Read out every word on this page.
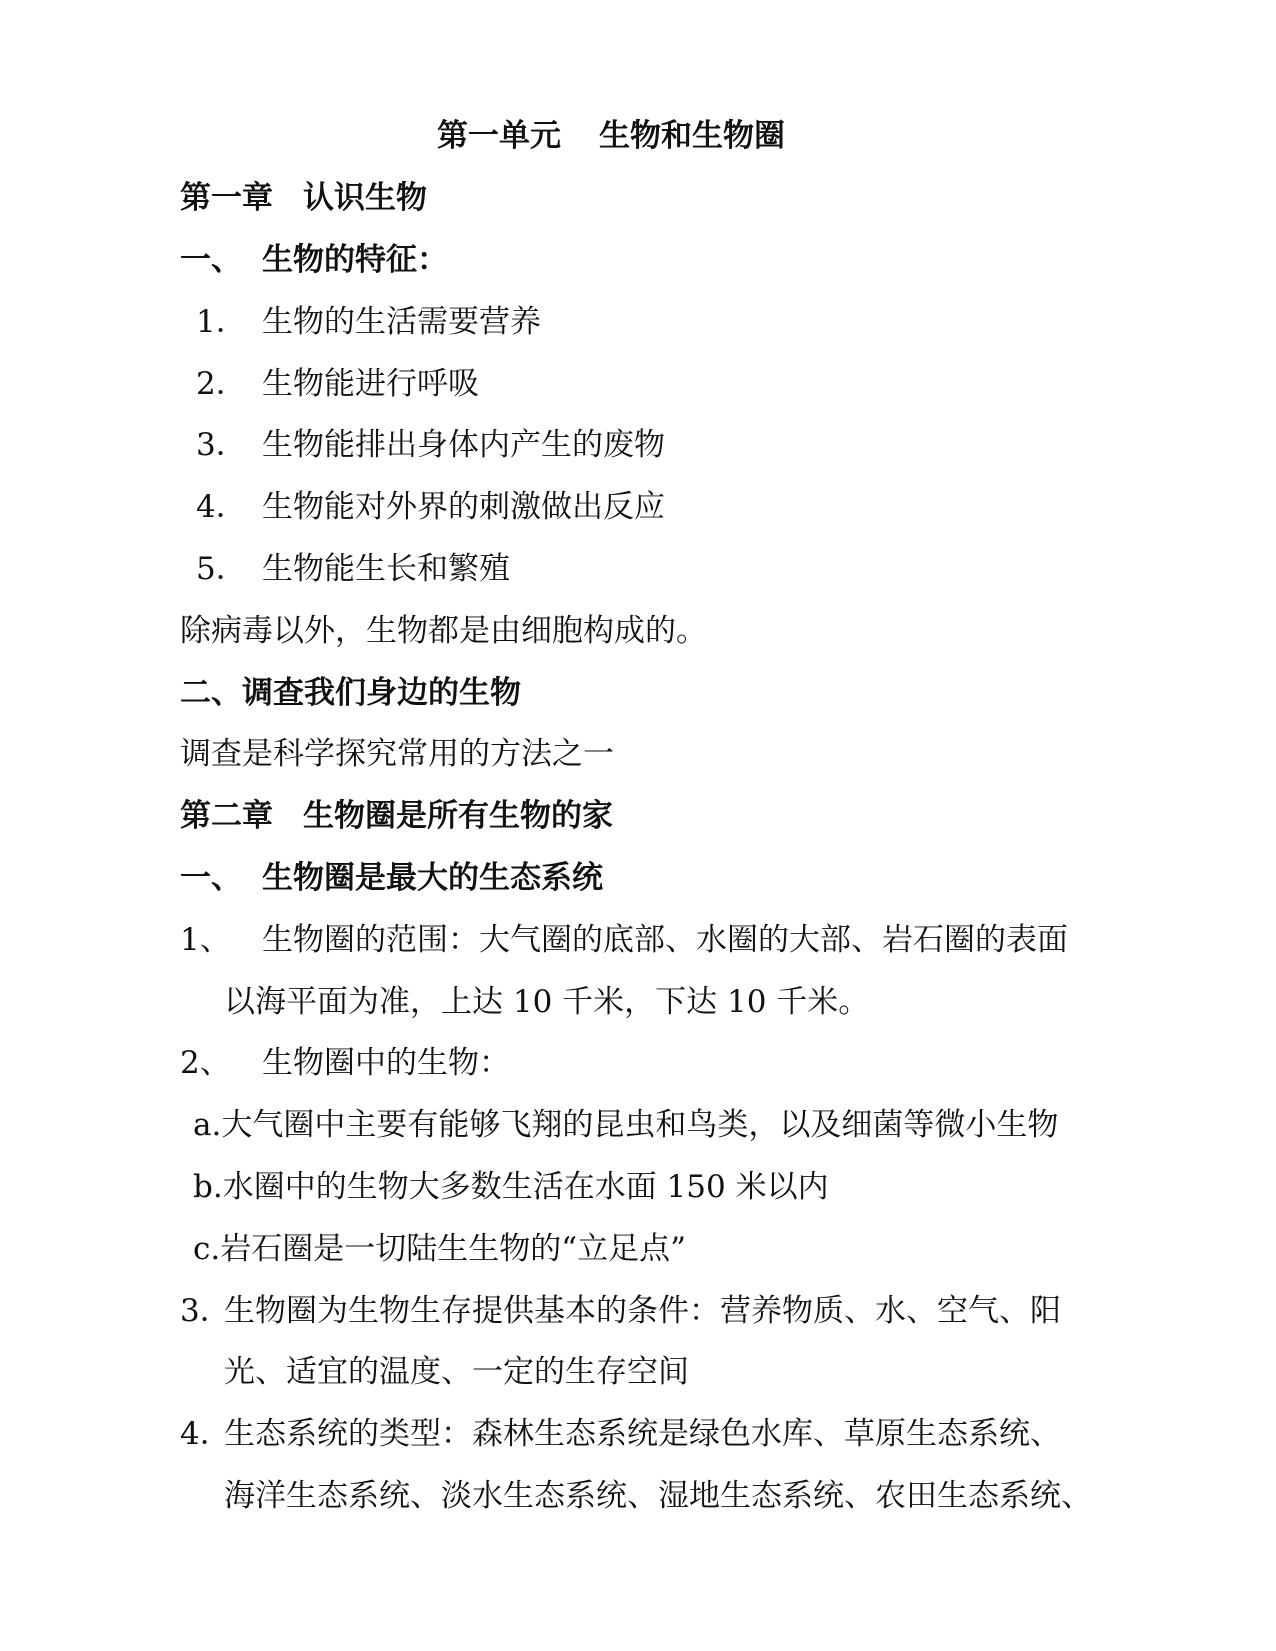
第一单元 生物和生物圈
第一章 认识生物
一、 生物的特征：
1． 生物的生活需要营养
2． 生物能进行呼吸
3． 生物能排出身体内产生的废物
4． 生物能对外界的刺激做出反应
5． 生物能生长和繁殖
除病毒以外，生物都是由细胞构成的。
二、调查我们身边的生物
调查是科学探究常用的方法之一
第二章 生物圈是所有生物的家
一、 生物圈是最大的生态系统
1、 生物圈的范围：大气圈的底部、水圈的大部、岩石圈的表面
以海平面为准，上达 10 千米，下达 10 千米。
2、 生物圈中的生物：
a.大气圈中主要有能够飞翔的昆虫和鸟类，以及细菌等微小生物
b.水圈中的生物大多数生活在水面 150 米以内
c.岩石圈是一切陆生生物的“立足点”
3．
生物圈为生物生存提供基本的条件：营养物质、水、空气、阳
光、适宜的温度、一定的生存空间
4．
生态系统的类型：森林生态系统是绿色水库、草原生态系统、
海洋生态系统、淡水生态系统、湿地生态系统、农田生态系统、
